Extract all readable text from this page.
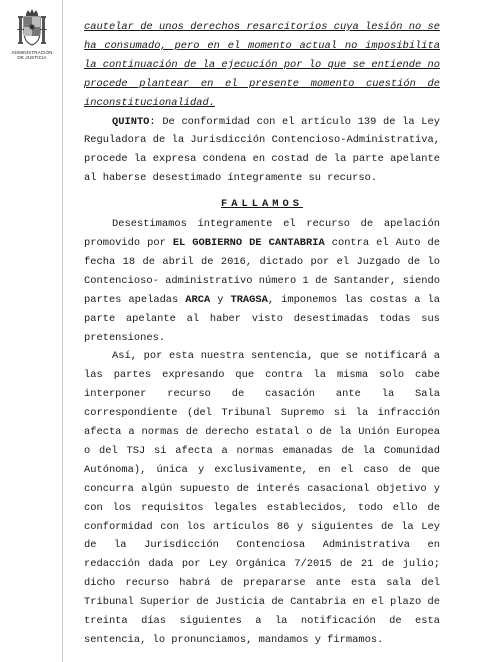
ADMINISTRACIÓN
DE JUSTICIA

cautelar de unos derechos resarcitorios cuya lesión no se ha consumado, pero en el momento actual no imposibilita la continuación de la ejecución por lo que se entiende no procede plantear en el presente momento cuestión de inconstitucionalidad.

QUINTO: De conformidad con el artículo 139 de la Ley Reguladora de la Jurisdicción Contencioso-Administrativa, procede la expresa condena en costad de la parte apelante al haberse desestimado íntegramente su recurso.

FALLAMOS

Desestimamos íntegramente el recurso de apelación promovido por EL GOBIERNO DE CANTABRIA contra el Auto de fecha 18 de abril de 2016, dictado por el Juzgado de lo Contencioso- administrativo número 1 de Santander, siendo partes apeladas ARCA y TRAGSA, imponemos las costas a la parte apelante al haber visto desestimadas todas sus pretensiones.

Así, por esta nuestra sentencia, que se notificará a las partes expresando que contra la misma solo cabe interponer recurso de casación ante la Sala correspondiente (del Tribunal Supremo si la infracción afecta a normas de derecho estatal o de la Unión Europea o del TSJ si afecta a normas emanadas de la Comunidad Autónoma), única y exclusivamente, en el caso de que concurra algún supuesto de interés casacional objetivo y con los requisitos legales establecidos, todo ello de conformidad con los artículos 86 y siguientes de la Ley de la Jurisdicción Contenciosa Administrativa en redacción dada por Ley Orgánica 7/2015 de 21 de julio; dicho recurso habrá de prepararse ante esta sala del Tribunal Superior de Justicia de Cantabria en el plazo de treinta días siguientes a la notificación de esta sentencia, lo pronunciamos, mandamos y firmamos.
